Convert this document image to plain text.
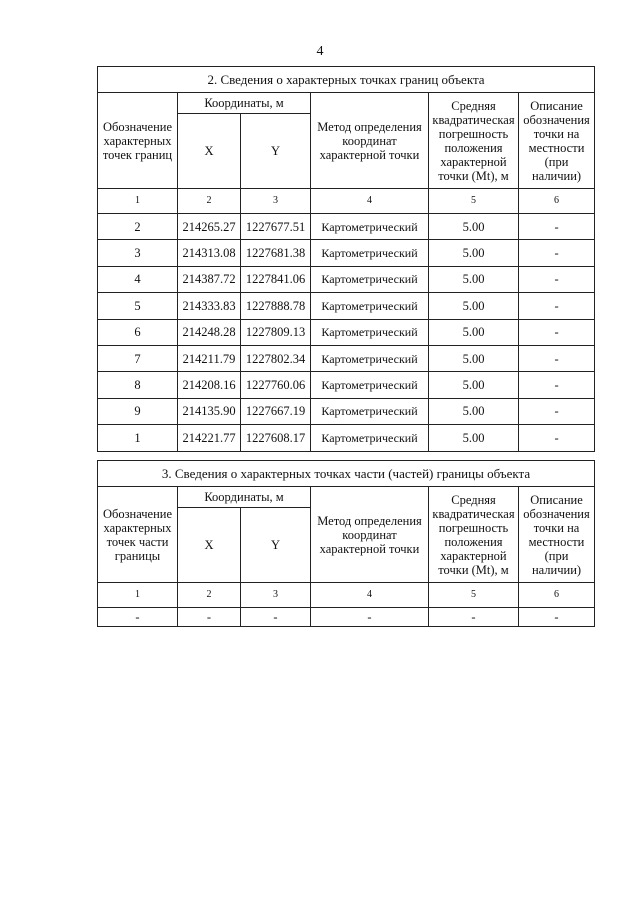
4
2. Сведения о характерных точках границ объекта					
Обозначение характерных точек границ	Координаты, м		Метод определения координат характерной точки	Средняя квадратическая погрешность положения характерной точки (Mt), м	Описание обозначения точки на местности (при наличии)
	X	Y			
1	2	3	4	5	6
2	214265.27	1227677.51	Картометрический	5.00	-
3	214313.08	1227681.38	Картометрический	5.00	-
4	214387.72	1227841.06	Картометрический	5.00	-
5	214333.83	1227888.78	Картометрический	5.00	-
6	214248.28	1227809.13	Картометрический	5.00	-
7	214211.79	1227802.34	Картометрический	5.00	-
8	214208.16	1227760.06	Картометрический	5.00	-
9	214135.90	1227667.19	Картометрический	5.00	-
1	214221.77	1227608.17	Картометрический	5.00	-
3. Сведения о характерных точках части (частей) границы объекта					
Обозначение характерных точек части границы	Координаты, м		Метод определения координат характерной точки	Средняя квадратическая погрешность положения характерной точки (Mt), м	Описание обозначения точки на местности (при наличии)
	X	Y			
1	2	3	4	5	6
-	-	-	-	-	-
